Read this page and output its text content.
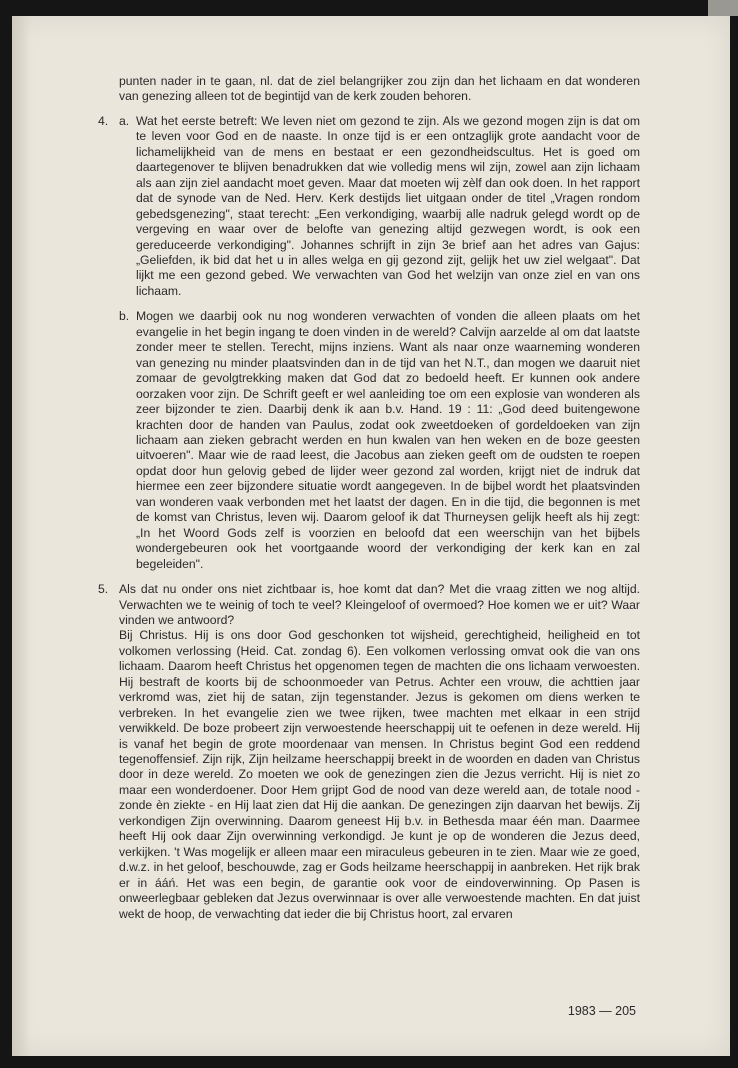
punten nader in te gaan, nl. dat de ziel belangrijker zou zijn dan het lichaam en dat wonderen van genezing alleen tot de begintijd van de kerk zouden behoren.

4. a. Wat het eerste betreft: We leven niet om gezond te zijn. Als we gezond mogen zijn is dat om te leven voor God en de naaste. In onze tijd is er een ontzaglijk grote aandacht voor de lichamelijkheid van de mens en bestaat er een gezondheidscultus. Het is goed om daartegenover te blijven benadrukken dat wie volledig mens wil zijn, zowel aan zijn lichaam als aan zijn ziel aandacht moet geven. Maar dat moeten wij zèlf dan ook doen. In het rapport dat de synode van de Ned. Herv. Kerk destijds liet uitgaan onder de titel „Vragen rondom gebedsgenezing", staat terecht: „Een verkondiging, waarbij alle nadruk gelegd wordt op de vergeving en waar over de belofte van genezing altijd gezwegen wordt, is ook een gereduceerde verkondiging". Johannes schrijft in zijn 3e brief aan het adres van Gajus: „Geliefden, ik bid dat het u in alles welga en gij gezond zijt, gelijk het uw ziel welgaat". Dat lijkt me een gezond gebed. We verwachten van God het welzijn van onze ziel en van ons lichaam.

b. Mogen we daarbij ook nu nog wonderen verwachten of vonden die alleen plaats om het evangelie in het begin ingang te doen vinden in de wereld? Calvijn aarzelde al om dat laatste zonder meer te stellen. Terecht, mijns inziens. Want als naar onze waarneming wonderen van genezing nu minder plaatsvinden dan in de tijd van het N.T., dan mogen we daaruit niet zomaar de gevolgtrekking maken dat God dat zo bedoeld heeft. Er kunnen ook andere oorzaken voor zijn. De Schrift geeft er wel aanleiding toe om een explosie van wonderen als zeer bijzonder te zien. Daarbij denk ik aan b.v. Hand. 19 : 11: „God deed buitengewone krachten door de handen van Paulus, zodat ook zweetdoeken of gordeldoeken van zijn lichaam aan zieken gebracht werden en hun kwalen van hen weken en de boze geesten uitvoeren". Maar wie de raad leest, die Jacobus aan zieken geeft om de oudsten te roepen opdat door hun gelovig gebed de lijder weer gezond zal worden, krijgt niet de indruk dat hiermee een zeer bijzondere situatie wordt aangegeven. In de bijbel wordt het plaatsvinden van wonderen vaak verbonden met het laatst der dagen. En in die tijd, die begonnen is met de komst van Christus, leven wij. Daarom geloof ik dat Thurneysen gelijk heeft als hij zegt: „In het Woord Gods zelf is voorzien en beloofd dat een weerschijn van het bijbels wondergebeuren ook het voortgaande woord der verkondiging der kerk kan en zal begeleiden".

5. Als dat nu onder ons niet zichtbaar is, hoe komt dat dan? Met die vraag zitten we nog altijd. Verwachten we te weinig of toch te veel? Kleingeloof of overmoed? Hoe komen we er uit? Waar vinden we antwoord?

Bij Christus. Hij is ons door God geschonken tot wijsheid, gerechtigheid, heiligheid en tot volkomen verlossing (Heid. Cat. zondag 6). Een volkomen verlossing omvat ook die van ons lichaam. Daarom heeft Christus het opgenomen tegen de machten die ons lichaam verwoesten. Hij bestraft de koorts bij de schoonmoeder van Petrus. Achter een vrouw, die achttien jaar verkromd was, ziet hij de satan, zijn tegenstander. Jezus is gekomen om diens werken te verbreken. In het evangelie zien we twee rijken, twee machten met elkaar in een strijd verwikkeld. De boze probeert zijn verwoestende heerschappij uit te oefenen in deze wereld. Hij is vanaf het begin de grote moordenaar van mensen. In Christus begint God een reddend tegenoffensief. Zijn rijk, Zijn heilzame heerschappij breekt in de woorden en daden van Christus door in deze wereld. Zo moeten we ook de genezingen zien die Jezus verricht. Hij is niet zo maar een wonderdoener. Door Hem grijpt God de nood van deze wereld aan, de totale nood - zonde èn ziekte - en Hij laat zien dat Hij die aankan. De genezingen zijn daarvan het bewijs. Zij verkondigen Zijn overwinning. Daarom geneest Hij b.v. in Bethesda maar één man. Daarmee heeft Hij ook daar Zijn overwinning verkondigd. Je kunt je op de wonderen die Jezus deed, verkijken. 't Was mogelijk er alleen maar een miraculeus gebeuren in te zien. Maar wie ze goed, d.w.z. in het geloof, beschouwde, zag er Gods heilzame heerschappij in aanbreken. Het rijk brak er in ááń. Het was een begin, de garantie ook voor de eindoverwinning. Op Pasen is onweerlegbaar gebleken dat Jezus overwinnaar is over alle verwoestende machten. En dat juist wekt de hoop, de verwachting dat ieder die bij Christus hoort, zal ervaren

1983 — 205
